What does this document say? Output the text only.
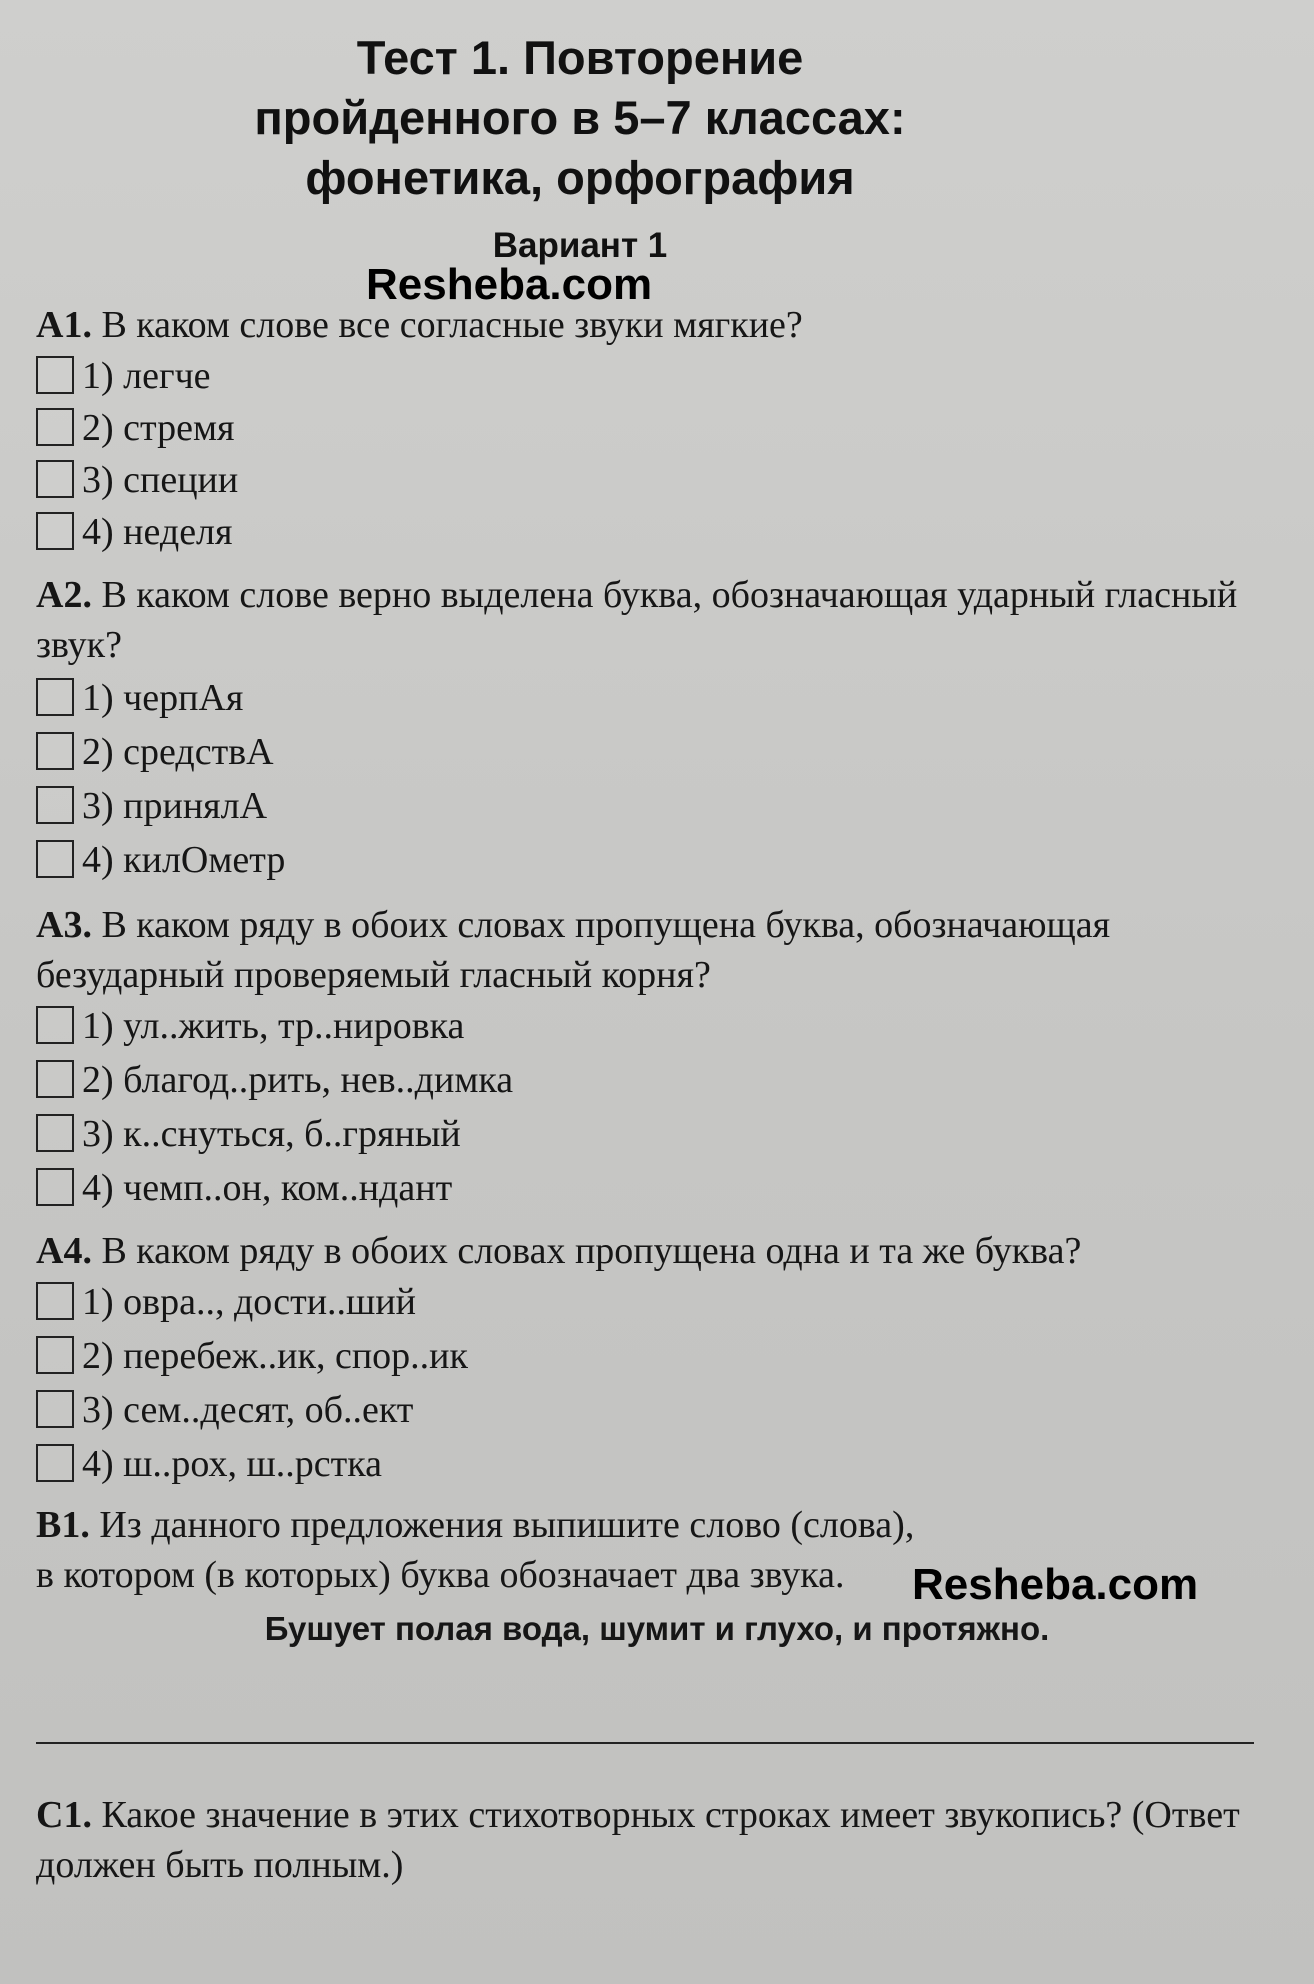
Тест 1. Повторение
пройденного в 5–7 классах:
фонетика, орфография
Вариант 1
Resheba.com
А1. В каком слове все согласные звуки мягкие?
1) легче
2) стремя
3) специи
4) неделя
А2. В каком слове верно выделена буква, обозначающая ударный гласный звук?
1) черпАя
2) средствА
3) принялА
4) килОметр
А3. В каком ряду в обоих словах пропущена буква, обозначающая безударный проверяемый гласный корня?
1) ул..жить, тр..нировка
2) благод..рить, нев..димка
3) к..снуться, б..гряный
4) чемп..он, ком..ндант
А4. В каком ряду в обоих словах пропущена одна и та же буква?
1) овра.., дости..ший
2) перебеж..ик, спор..ик
3) сем..десят, об..ект
4) ш..рох, ш..рстка
В1. Из данного предложения выпишите слово (слова), в котором (в которых) буква обозначает два звука.	Resheba.com
Бушует полая вода, шумит и глухо, и протяжно.
С1. Какое значение в этих стихотворных строках имеет звукопись? (Ответ должен быть полным.)
